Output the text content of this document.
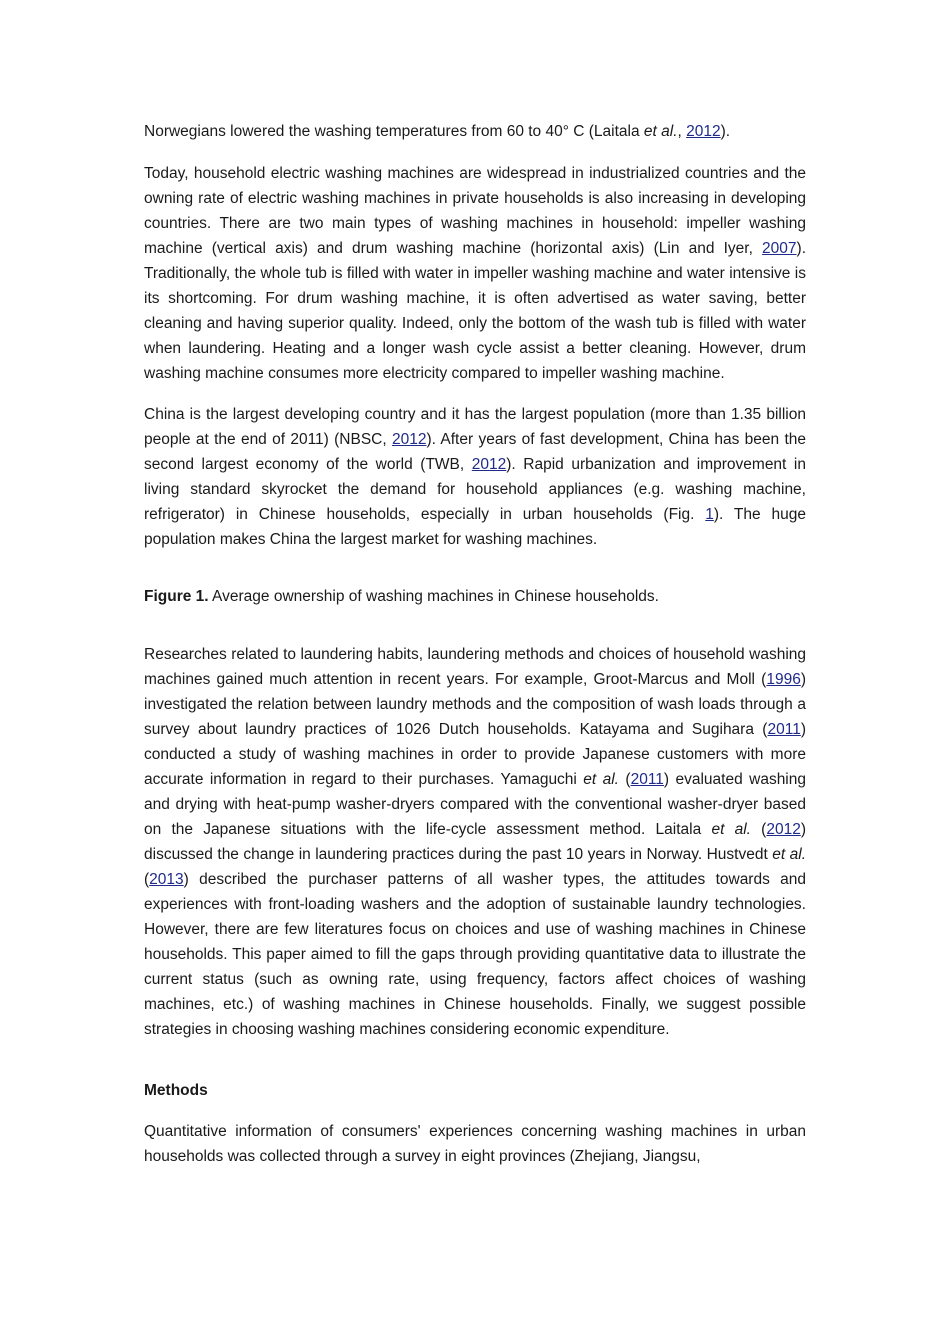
Norwegians lowered the washing temperatures from 60 to 40° C (Laitala et al., 2012).

Today, household electric washing machines are widespread in industrialized countries and the owning rate of electric washing machines in private households is also increasing in developing countries. There are two main types of washing machines in household: impeller washing machine (vertical axis) and drum washing machine (horizontal axis) (Lin and Iyer, 2007). Traditionally, the whole tub is filled with water in impeller washing machine and water intensive is its shortcoming. For drum washing machine, it is often advertised as water saving, better cleaning and having superior quality. Indeed, only the bottom of the wash tub is filled with water when laundering. Heating and a longer wash cycle assist a better cleaning. However, drum washing machine consumes more electricity compared to impeller washing machine.

China is the largest developing country and it has the largest population (more than 1.35 billion people at the end of 2011) (NBSC, 2012). After years of fast development, China has been the second largest economy of the world (TWB, 2012). Rapid urbanization and improvement in living standard skyrocket the demand for household appliances (e.g. washing machine, refrigerator) in Chinese households, especially in urban households (Fig. 1). The huge population makes China the largest market for washing machines.

Figure 1. Average ownership of washing machines in Chinese households.

Researches related to laundering habits, laundering methods and choices of household washing machines gained much attention in recent years. For example, Groot-Marcus and Moll (1996) investigated the relation between laundry methods and the composition of wash loads through a survey about laundry practices of 1026 Dutch households. Katayama and Sugihara (2011) conducted a study of washing machines in order to provide Japanese customers with more accurate information in regard to their purchases. Yamaguchi et al. (2011) evaluated washing and drying with heat-pump washer-dryers compared with the conventional washer-dryer based on the Japanese situations with the life-cycle assessment method. Laitala et al. (2012) discussed the change in laundering practices during the past 10 years in Norway. Hustvedt et al. (2013) described the purchaser patterns of all washer types, the attitudes towards and experiences with front-loading washers and the adoption of sustainable laundry technologies. However, there are few literatures focus on choices and use of washing machines in Chinese households. This paper aimed to fill the gaps through providing quantitative data to illustrate the current status (such as owning rate, using frequency, factors affect choices of washing machines, etc.) of washing machines in Chinese households. Finally, we suggest possible strategies in choosing washing machines considering economic expenditure.

Methods

Quantitative information of consumers' experiences concerning washing machines in urban households was collected through a survey in eight provinces (Zhejiang, Jiangsu,
